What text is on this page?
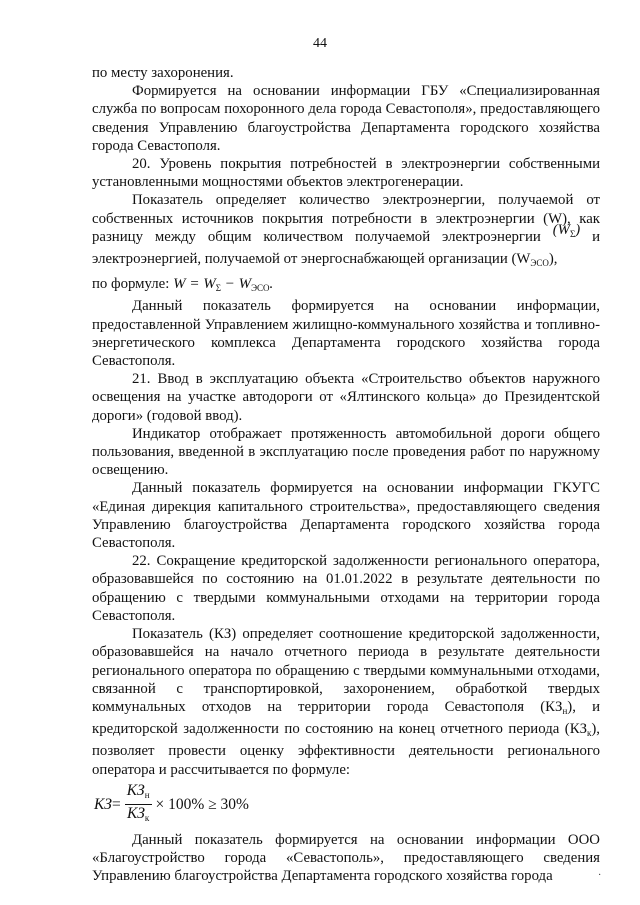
44

по месту захоронения.

Формируется на основании информации ГБУ «Специализированная служба по вопросам похоронного дела города Севастополя», предоставляющего сведения Управлению благоустройства Департамента городского хозяйства города Севастополя.

20. Уровень покрытия потребностей в электроэнергии собственными установленными мощностями объектов электрогенерации.

Показатель определяет количество электроэнергии, получаемой от собственных источников покрытия потребности в электроэнергии (W), как разницу между общим количеством получаемой электроэнергии $(W_\Sigma)$ и электроэнергией, получаемой от энергоснабжающей организации $(W_{ЭСО})$,

по формуле: $W = W_\Sigma - W_{ЭСО}$.

Данный показатель формируется на основании информации, предоставленной Управлением жилищно-коммунального хозяйства и топливно-энергетического комплекса Департамента городского хозяйства города Севастополя.

21. Ввод в эксплуатацию объекта «Строительство объектов наружного освещения на участке автодороги от «Ялтинского кольца» до Президентской дороги» (годовой ввод).

Индикатор отображает протяженность автомобильной дороги общего пользования, введенной в эксплуатацию после проведения работ по наружному освещению.

Данный показатель формируется на основании информации ГКУГС «Единая дирекция капитального строительства», предоставляющего сведения Управлению благоустройства Департамента городского хозяйства города Севастополя.

22. Сокращение кредиторской задолженности регионального оператора, образовавшейся по состоянию на 01.01.2022 в результате деятельности по обращению с твердыми коммунальными отходами на территории города Севастополя.

Показатель (КЗ) определяет соотношение кредиторской задолженности, образовавшейся на начало отчетного периода в результате деятельности регионального оператора по обращению с твердыми коммунальными отходами, связанной с транспортировкой, захоронением, обработкой твердых коммунальных отходов на территории города Севастополя $(КЗ_н)$, и кредиторской задолженности по состоянию на конец отчетного периода $(КЗ_к)$, позволяет провести оценку эффективности деятельности регионального оператора и рассчитывается по формуле:

КЗ = $\frac{КЗ_н}{КЗ_к} \times 100\% \ge 30\%$

Данный показатель формируется на основании информации ООО «Благоустройство города «Севастополь», предоставляющего сведения Управлению благоустройства Департамента городского хозяйства города	·
